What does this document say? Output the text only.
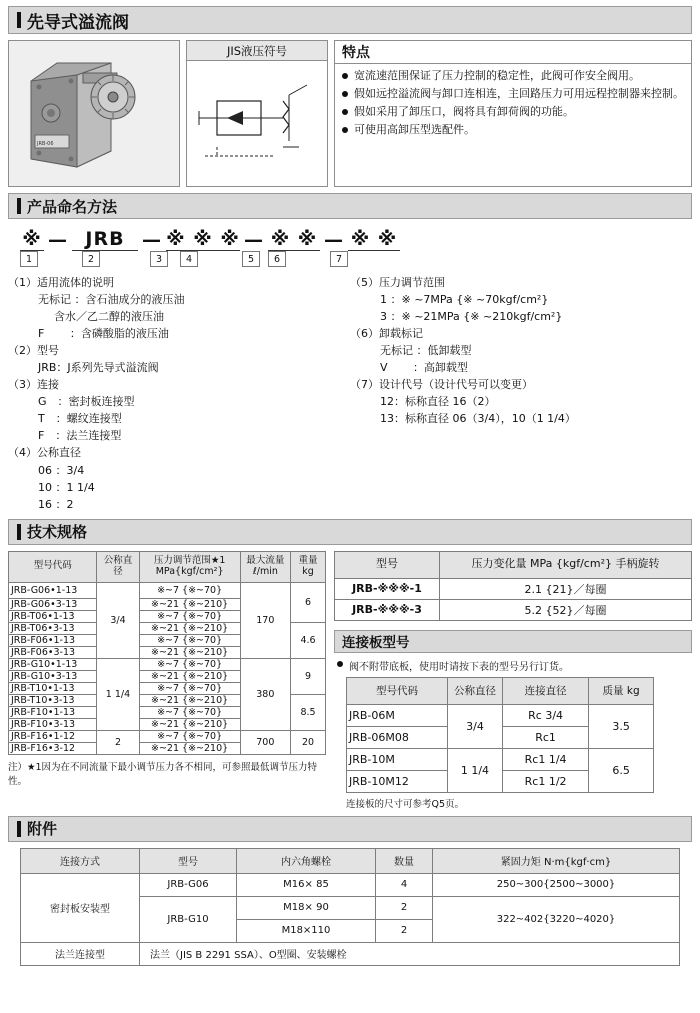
先导式溢流阀
JRB-06
JIS液压符号	特点
宽流速范围保证了压力控制的稳定性，此阀可作安全阀用。
假如远控溢流阀与卸口连相连，主回路压力可用远程控制器来控制。
假如采用了卸压口，阀将具有卸荷阀的功能。
可使用高卸压型选配件。
产品命名方法
※ — JRB — ※ ※ ※ — ※ ※ — ※ ※
1	2	3	4	5	6	7
（1）适用流体的说明
无标记 ：含石油成分的液压油
含水／乙二醇的液压油
F　　 ：含磷酸脂的液压油
（2）型号
JRB：J系列先导式溢流阀
（3）连接
G　：密封板连接型
T　：螺纹连接型
F　：法兰连接型
（4）公称直径
06 ：3/4
10 ：1 1/4
16 ：2
（5）压力调节范围
1 ：※ ~7MPa {※ ~70kgf/cm²}
3 ：※ ~21MPa {※ ~210kgf/cm²}
（6）卸载标记
无标记 ：低卸载型
V　　 ：高卸载型
（7）设计代号（设计代号可以变更）
12：标称直径 16（2）
13：标称直径 06（3/4），10（1 1/4）
技术规格
型号代码	公称直径	压力调节范围★1 MPa{kgf/cm²}	最大流量 ℓ/min	重量 kg
JRB-G06•1-13	3/4	※~7 {※~70}	170	6
JRB-G06•3-13		※~21 {※~210}		
JRB-T06•1-13		※~7 {※~70}		
JRB-T06•3-13		※~21 {※~210}		4.6
JRB-F06•1-13		※~7 {※~70}		
JRB-F06•3-13		※~21 {※~210}		
JRB-G10•1-13	1 1/4	※~7 {※~70}	380	9
JRB-G10•3-13		※~21 {※~210}		
JRB-T10•1-13		※~7 {※~70}		
JRB-T10•3-13		※~21 {※~210}		8.5
JRB-F10•1-13		※~7 {※~70}		
JRB-F10•3-13		※~21 {※~210}		
JRB-F16•1-12	2	※~7 {※~70}	700	20
JRB-F16•3-12		※~21 {※~210}		
注）★1因为在不同流量下最小调节压力各不相同，可参照最低调节压力特性。
型号	压力变化量 MPa {kgf/cm²} 手柄旋转
JRB-※※※-1	2.1 {21}／每圈
JRB-※※※-3	5.2 {52}／每圈
连接板型号
阀不附带底板，使用时请按下表的型号另行订货。
型号代码	公称直径	连接直径	质量 kg
JRB-06M	3/4	Rc 3/4	3.5
JRB-06M08		Rc1	
JRB-10M	1 1/4	Rc1 1/4	6.5
JRB-10M12		Rc1 1/2	
连接板的尺寸可参考Q5页。
附件
连接方式	型号	内六角螺栓	数量	紧固力矩 N·m{kgf·cm}
密封板安装型	JRB-G06	M16× 85	4	250~300{2500~3000}
	JRB-G10	M18× 90	2	322~402{3220~4020}
		M18×110	2	
法兰连接型	法兰（JIS B 2291 SSA）、O型圈、安装螺栓			
